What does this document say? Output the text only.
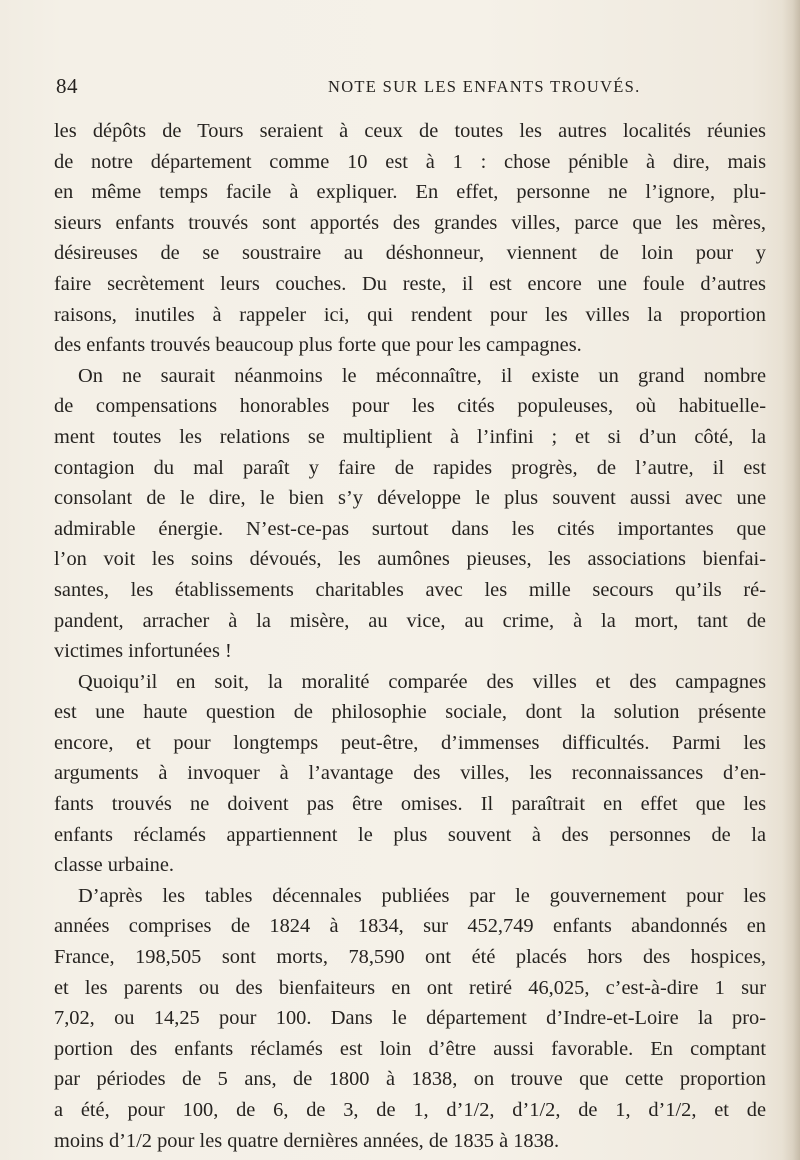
84	NOTE SUR LES ENFANTS TROUVÉS.
les dépôts de Tours seraient à ceux de toutes les autres localités réunies
de notre département comme 10 est à 1 : chose pénible à dire, mais
en même temps facile à expliquer. En effet, personne ne l’ignore, plu-
sieurs enfants trouvés sont apportés des grandes villes, parce que les mères,
désireuses de se soustraire au déshonneur, viennent de loin pour y
faire secrètement leurs couches. Du reste, il est encore une foule d’autres
raisons, inutiles à rappeler ici, qui rendent pour les villes la proportion
des enfants trouvés beaucoup plus forte que pour les campagnes.
On ne saurait néanmoins le méconnaître, il existe un grand nombre
de compensations honorables pour les cités populeuses, où habituelle-
ment toutes les relations se multiplient à l’infini ; et si d’un côté, la
contagion du mal paraît y faire de rapides progrès, de l’autre, il est
consolant de le dire, le bien s’y développe le plus souvent aussi avec une
admirable énergie. N’est-ce-pas surtout dans les cités importantes que
l’on voit les soins dévoués, les aumônes pieuses, les associations bienfai-
santes, les établissements charitables avec les mille secours qu’ils ré-
pandent, arracher à la misère, au vice, au crime, à la mort, tant de
victimes infortunées !
Quoiqu’il en soit, la moralité comparée des villes et des campagnes
est une haute question de philosophie sociale, dont la solution présente
encore, et pour longtemps peut-être, d’immenses difficultés. Parmi les
arguments à invoquer à l’avantage des villes, les reconnaissances d’en-
fants trouvés ne doivent pas être omises. Il paraîtrait en effet que les
enfants réclamés appartiennent le plus souvent à des personnes de la
classe urbaine.
D’après les tables décennales publiées par le gouvernement pour les
années comprises de 1824 à 1834, sur 452,749 enfants abandonnés en
France, 198,505 sont morts, 78,590 ont été placés hors des hospices,
et les parents ou des bienfaiteurs en ont retiré 46,025, c’est-à-dire 1 sur
7,02, ou 14,25 pour 100. Dans le département d’Indre-et-Loire la pro-
portion des enfants réclamés est loin d’être aussi favorable. En comptant
par périodes de 5 ans, de 1800 à 1838, on trouve que cette proportion
a été, pour 100, de 6, de 3, de 1, d’1/2, d’1/2, de 1, d’1/2, et de
moins d’1/2 pour les quatre dernières années, de 1835 à 1838.
